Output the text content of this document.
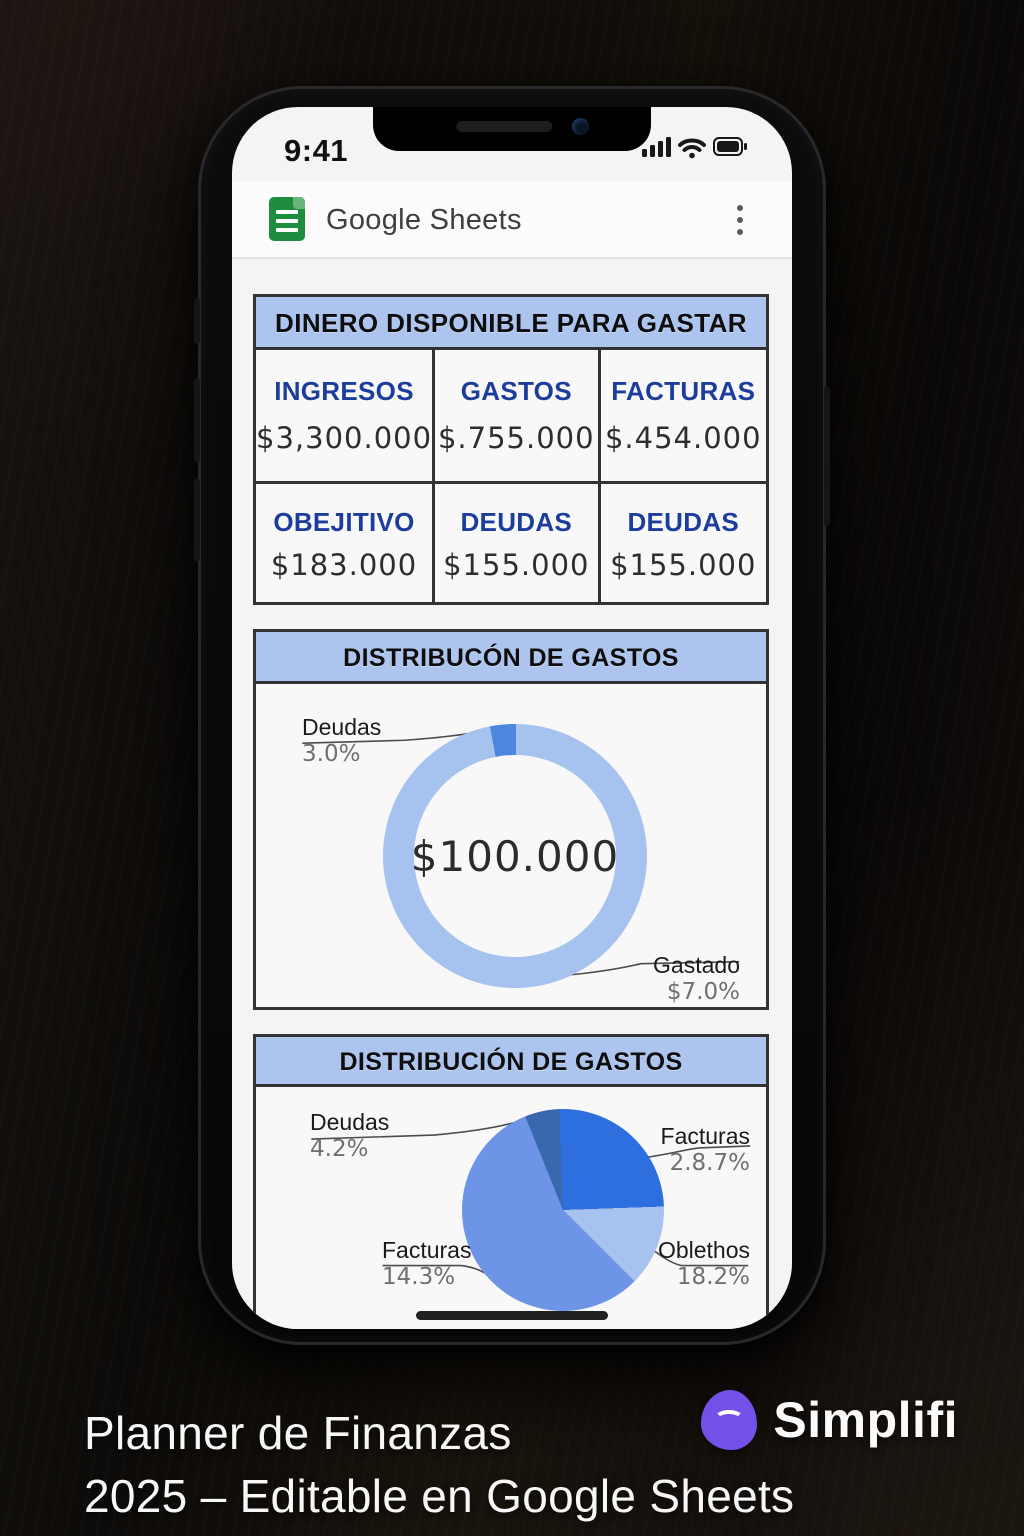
9:41
Google Sheets
DINERO DISPONIBLE PARA GASTAR
INGRESOS
$3,300.000
GASTOS
$.755.000
FACTURAS
$.454.000
OBEJITIVO
$183.000
DEUDAS
$155.000
DEUDAS
$155.000
DISTRIBUCÓN DE GASTOS
$100.000
Deudas
3.0%
Gastado
$7.0%
DISTRIBUCIÓN DE GASTOS
Deudas
4.2%	Facturas
2.8.7%
Facturas
14.3%
Oblethos
18.2%
Planner de Finanzas
2025 – Editable en Google Sheets
Simplifi
